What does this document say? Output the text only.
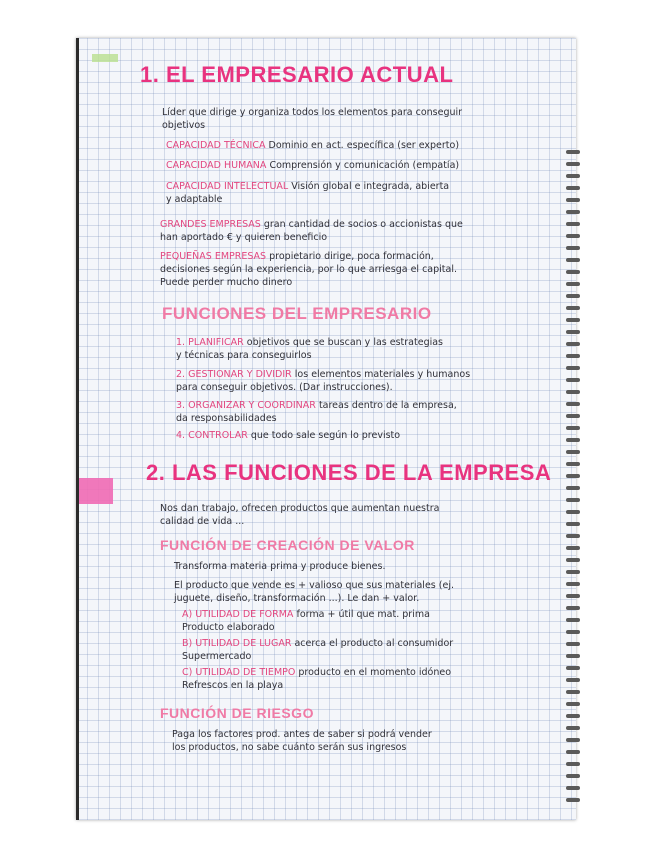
1. EL EMPRESARIO ACTUAL
Líder que dirige y organiza todos los elementos para conseguir
objetivos
CAPACIDAD TÉCNICA Dominio en act. específica (ser experto)
CAPACIDAD HUMANA Comprensión y comunicación (empatía)
CAPACIDAD INTELECTUAL Visión global e integrada, abierta
y adaptable
GRANDES EMPRESAS gran cantidad de socios o accionistas que
han aportado € y quieren beneficio
PEQUEÑAS EMPRESAS propietario dirige, poca formación,
decisiones según la experiencia, por lo que arriesga el capital.
Puede perder mucho dinero
FUNCIONES DEL EMPRESARIO
1. PLANIFICAR objetivos que se buscan y las estrategias
y técnicas para conseguirlos
2. GESTIONAR Y DIVIDIR los elementos materiales y humanos
para conseguir objetivos. (Dar instrucciones).
3. ORGANIZAR Y COORDINAR tareas dentro de la empresa,
da responsabilidades
4. CONTROLAR que todo sale según lo previsto
2. LAS FUNCIONES DE LA EMPRESA
Nos dan trabajo, ofrecen productos que aumentan nuestra
calidad de vida ...
FUNCIÓN DE CREACIÓN DE VALOR
Transforma materia prima y produce bienes.
El producto que vende es + valioso que sus materiales (ej.
juguete, diseño, transformación ...). Le dan + valor.
A) UTILIDAD DE FORMA forma + útil que mat. prima
Producto elaborado
B) UTILIDAD DE LUGAR acerca el producto al consumidor
Supermercado
C) UTILIDAD DE TIEMPO producto en el momento idóneo
Refrescos en la playa
FUNCIÓN DE RIESGO
Paga los factores prod. antes de saber si podrá vender
los productos, no sabe cuánto serán sus ingresos
